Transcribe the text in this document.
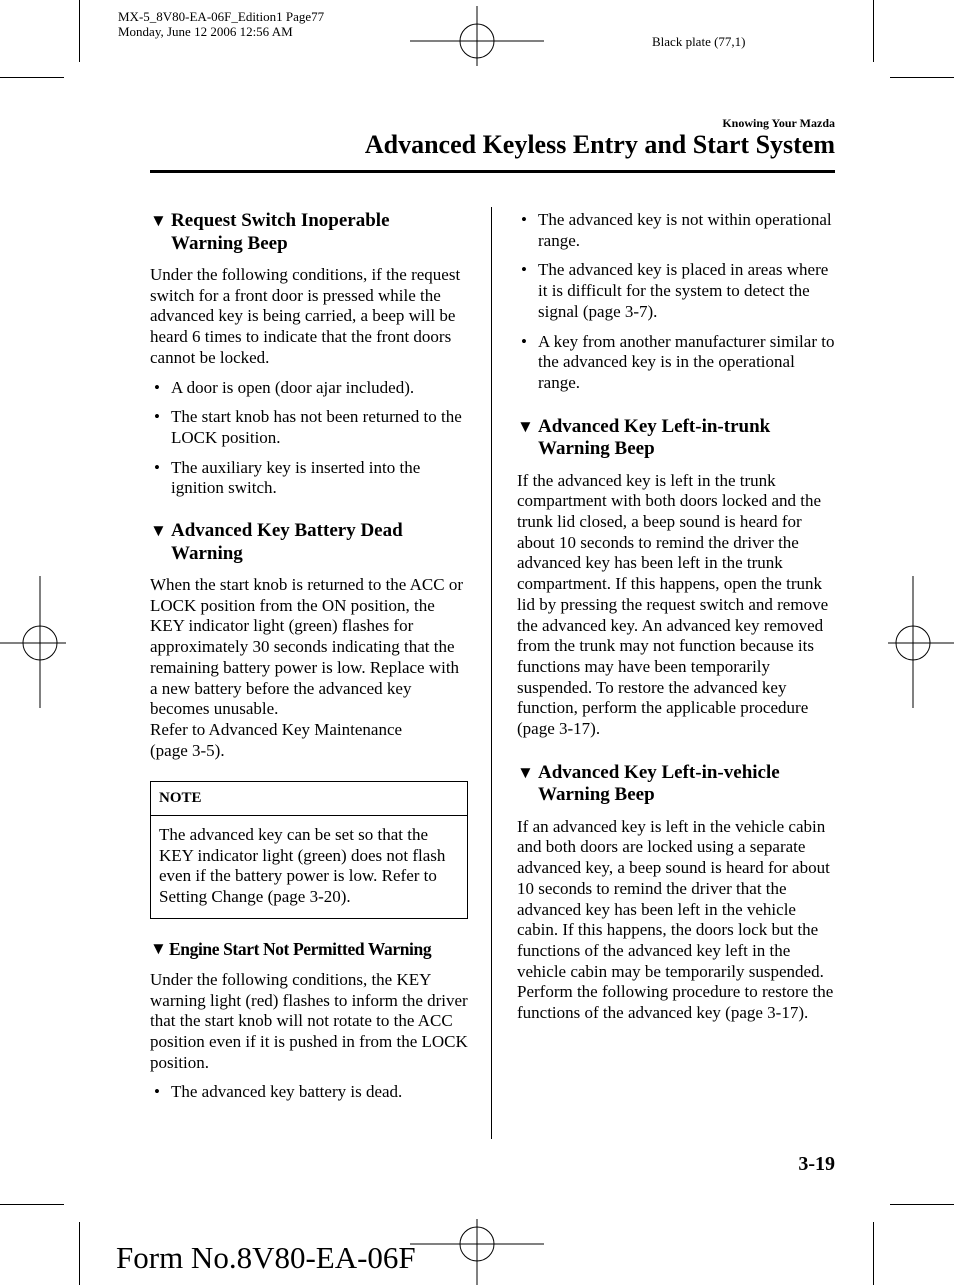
MX-5_8V80-EA-06F_Edition1 Page77
Monday, June 12 2006 12:56 AM
Black plate (77,1)
Knowing Your Mazda
Advanced Keyless Entry and Start System
▼ Request Switch Inoperable
Warning Beep

Under the following conditions, if the request switch for a front door is pressed while the advanced key is being carried, a beep will be heard 6 times to indicate that the front doors cannot be locked.

• A door is open (door ajar included).
• The start knob has not been returned to the LOCK position.
• The auxiliary key is inserted into the ignition switch.
▼ Advanced Key Battery Dead
Warning

When the start knob is returned to the ACC or LOCK position from the ON position, the KEY indicator light (green) flashes for approximately 30 seconds indicating that the remaining battery power is low. Replace with a new battery before the advanced key becomes unusable.

Refer to Advanced Key Maintenance

(page 3-5).

NOTE
The advanced key can be set so that the KEY indicator light (green) does not flash even if the battery power is low. Refer to Setting Change (page 3-20).
▼ Engine Start Not Permitted Warning

Under the following conditions, the KEY warning light (red) flashes to inform the driver that the start knob will not rotate to the ACC position even if it is pushed in from the LOCK position.

• The advanced key battery is dead.
• The advanced key is not within operational range.
• The advanced key is placed in areas where it is difficult for the system to detect the signal (page 3-7).
• A key from another manufacturer similar to the advanced key is in the operational range.
▼ Advanced Key Left-in-trunk
Warning Beep

If the advanced key is left in the trunk compartment with both doors locked and the trunk lid closed, a beep sound is heard for about 10 seconds to remind the driver the advanced key has been left in the trunk compartment. If this happens, open the trunk lid by pressing the request switch and remove the advanced key. An advanced key removed from the trunk may not function because its functions may have been temporarily suspended. To restore the advanced key function, perform the applicable procedure (page 3-17).

▼ Advanced Key Left-in-vehicle
Warning Beep

If an advanced key is left in the vehicle cabin and both doors are locked using a separate advanced key, a beep sound is heard for about 10 seconds to remind the driver that the advanced key has been left in the vehicle cabin. If this happens, the doors lock but the functions of the advanced key left in the vehicle cabin may be temporarily suspended. Perform the following procedure to restore the functions of the advanced key (page 3-17).

3-19
Form No.8V80-EA-06F
